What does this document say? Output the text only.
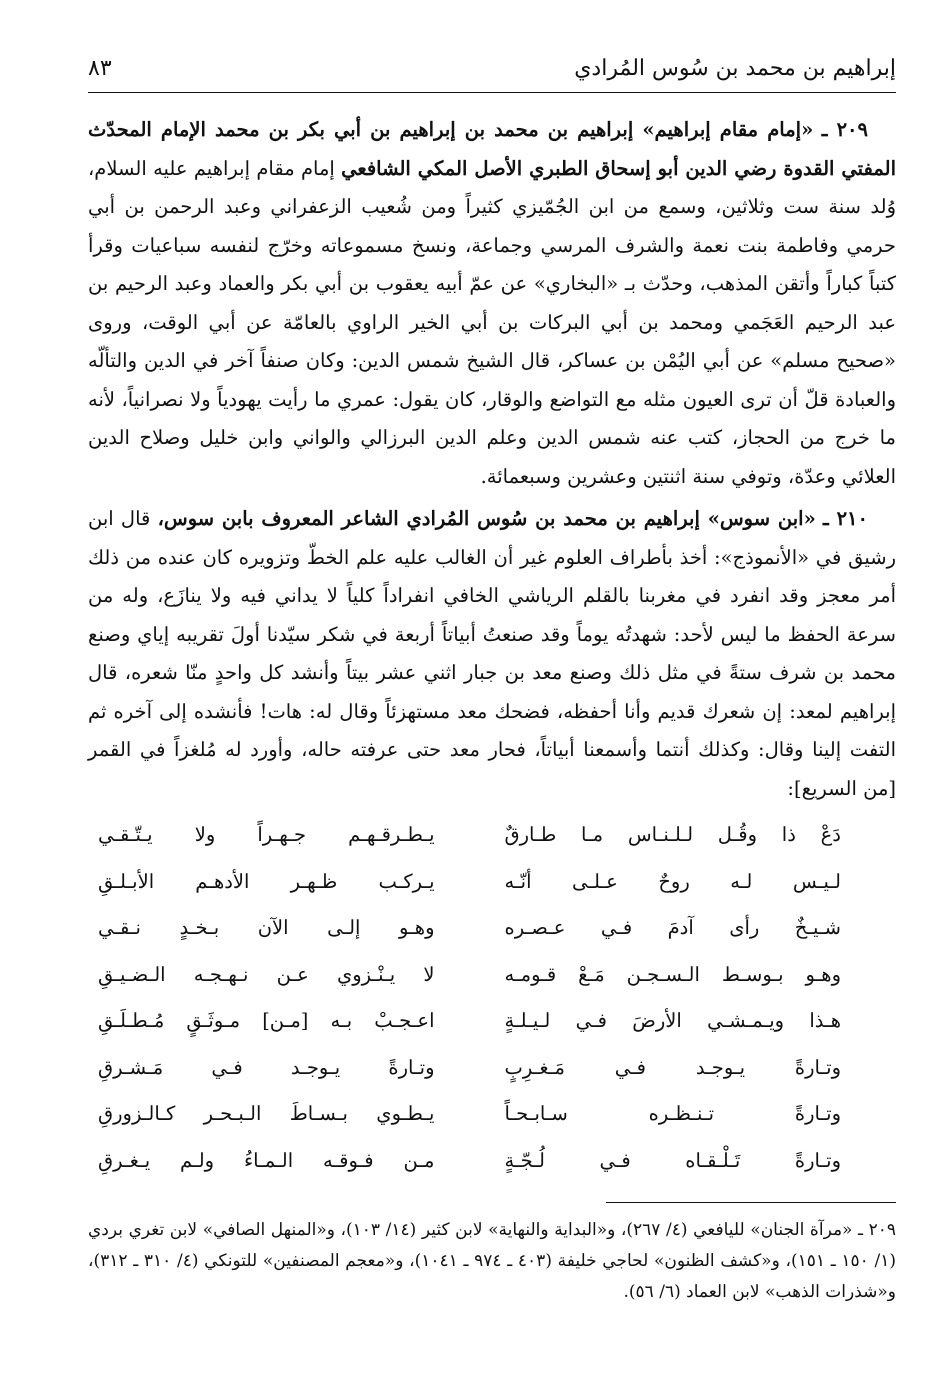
إبراهيم بن محمد بن سُوس المُرادي
٨٣

٢٠٩ ـ «إمام مقام إبراهيم» إبراهيم بن محمد بن إبراهيم بن أبي بكر بن محمد الإمام المحدّث المفتي القدوة رضي الدين أبو إسحاق الطبري الأصل المكي الشافعي إمام مقام إبراهيم عليه السلام، وُلد سنة ست وثلاثين، وسمع من ابن الجُمّيزي كثيراً ومن شُعيب الزعفراني وعبد الرحمن بن أبي حرمي وفاطمة بنت نعمة والشرف المرسي وجماعة، ونسخ مسموعاته وخرّج لنفسه سباعيات وقرأ كتباً كباراً وأتقن المذهب، وحدّث بـ «البخاري» عن عمّ أبيه يعقوب بن أبي بكر والعماد وعبد الرحيم بن عبد الرحيم العَجَمي ومحمد بن أبي البركات بن أبي الخير الراوي بالعامّة عن أبي الوقت، وروى «صحيح مسلم» عن أبي اليُمْن بن عساكر، قال الشيخ شمس الدين: وكان صنفاً آخر في الدين والتألّه والعبادة قلّ أن ترى العيون مثله مع التواضع والوقار، كان يقول: عمري ما رأيت يهودياً ولا نصرانياً، لأنه ما خرج من الحجاز، كتب عنه شمس الدين وعلم الدين البرزالي والواني وابن خليل وصلاح الدين العلائي وعدّة، وتوفي سنة اثنتين وعشرين وسبعمائة.

٢١٠ ـ «ابن سوس» إبراهيم بن محمد بن سُوس المُرادي الشاعر المعروف بابن سوس، قال ابن رشيق في «الأنموذج»: أخذ بأطراف العلوم غير أن الغالب عليه علم الخطّ وتزويره كان عنده من ذلك أمر معجز وقد انفرد في مغربنا بالقلم الرياشي الخافي انفراداً كلياً لا يداني فيه ولا ينازَع، وله من سرعة الحفظ ما ليس لأحد: شهدتُه يوماً وقد صنعتُ أبياتاً أربعة في شكر سيّدنا أولَ تقريبه إياي وصنع محمد بن شرف ستةً في مثل ذلك وصنع معد بن جبار اثني عشر بيتاً وأنشد كل واحدٍ منّا شعره، قال إبراهيم لمعد: إن شعرك قديم وأنا أحفظه، فضحك معد مستهزئاً وقال له: هات! فأنشده إلى آخره ثم التفت إلينا وقال: وكذلك أنتما وأسمعنا أبياتاً، فحار معد حتى عرفته حاله، وأورد له مُلغزاً في القمر [من السريع]:

دَعْ ذا وقُـل لـلـنـاس مـا طـارقٌ
يـطـرقـهـم جـهـراً ولا يـتّـقـي
لـيـس لـه روحٌ عـلـى أنّـه
يـركـب ظـهـر الأدهـم الأبـلـقِ
شـيـخٌ رأى آدمَ فـي عـصـره
وهـو إلـى الآن بـخـدٍ نـقـي
وهـو بـوسـط الـسـجـن مَـعْ قـومـه
لا يـنْـزوي عـن نـهـجـه الـضـيـقِ
هـذا ويـمـشـي الأرضَ فـي لـيـلـةٍ
اعـجـبْ بـه [مـن] مـوثَـقٍ مُـطـلَـقِ
وتـارةً يـوجـد فـي مَـغـرِبٍ
وتـارةً يـوجـد فـي مَـشـرقِ
وتـارةً تـنـظـره سـابـحـاً
يـطـوي بـسـاطَ الـبـحـر كـالـزورقِ
وتـارةً تَـلْـقـاه فـي لُـجّـةٍ
مـن فـوقـه الـمـاءُ ولـم يـغـرقِ
٢٠٩ ـ «مرآة الجنان» لليافعي (٤/ ٢٦٧)، و«البداية والنهاية» لابن كثير (١٤/ ١٠٣)، و«المنهل الصافي» لابن تغري بردي (١/ ١٥٠ ـ ١٥١)، و«كشف الظنون» لحاجي خليفة (٤٠٣ ـ ٩٧٤ ـ ١٠٤١)، و«معجم المصنفين» للتونكي (٤/ ٣١٠ ـ ٣١٢)، و«شذرات الذهب» لابن العماد (٦/ ٥٦).
